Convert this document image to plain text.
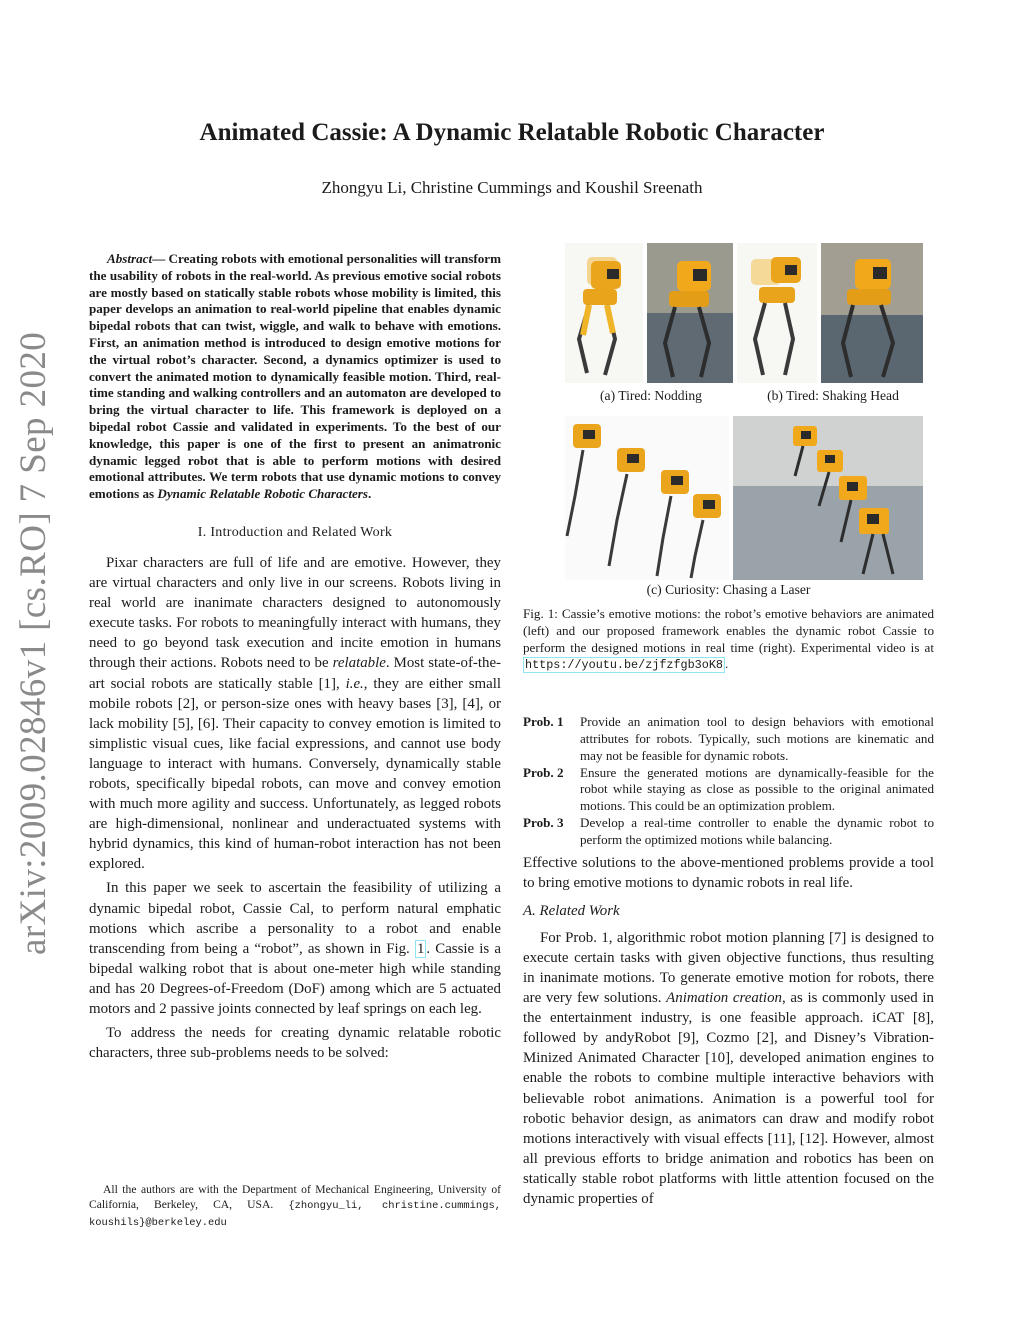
arXiv:2009.02846v1 [cs.RO] 7 Sep 2020
Animated Cassie: A Dynamic Relatable Robotic Character
Zhongyu Li, Christine Cummings and Koushil Sreenath

Abstract— Creating robots with emotional personalities will transform the usability of robots in the real-world. As previous emotive social robots are mostly based on statically stable robots whose mobility is limited, this paper develops an animation to real-world pipeline that enables dynamic bipedal robots that can twist, wiggle, and walk to behave with emotions. First, an animation method is introduced to design emotive motions for the virtual robot’s character. Second, a dynamics optimizer is used to convert the animated motion to dynamically feasible motion. Third, real-time standing and walking controllers and an automaton are developed to bring the virtual character to life. This framework is deployed on a bipedal robot Cassie and validated in experiments. To the best of our knowledge, this paper is one of the first to present an animatronic dynamic legged robot that is able to perform motions with desired emotional attributes. We term robots that use dynamic motions to convey emotions as Dynamic Relatable Robotic Characters.

I. Introduction and Related Work

Pixar characters are full of life and are emotive. However, they are virtual characters and only live in our screens. Robots living in real world are inanimate characters designed to autonomously execute tasks. For robots to meaningfully interact with humans, they need to go beyond task execution and incite emotion in humans through their actions. Robots need to be relatable. Most state-of-the-art social robots are statically stable [1], i.e., they are either small mobile robots [2], or person-size ones with heavy bases [3], [4], or lack mobility [5], [6]. Their capacity to convey emotion is limited to simplistic visual cues, like facial expressions, and cannot use body language to interact with humans. Conversely, dynamically stable robots, specifically bipedal robots, can move and convey emotion with much more agility and success. Unfortunately, as legged robots are high-dimensional, nonlinear and underactuated systems with hybrid dynamics, this kind of human-robot interaction has not been explored.

In this paper we seek to ascertain the feasibility of utilizing a dynamic bipedal robot, Cassie Cal, to perform natural emphatic motions which ascribe a personality to a robot and enable transcending from being a “robot”, as shown in Fig. 1 . Cassie is a bipedal walking robot that is about one-meter high while standing and has 20 Degrees-of-Freedom (DoF) among which are 5 actuated motors and 2 passive joints connected by leaf springs on each leg.

To address the needs for creating dynamic relatable robotic characters, three sub-problems needs to be solved:

All the authors are with the Department of Mechanical Engineering, University of California, Berkeley, CA, USA. {zhongyu_li, christine.cummings, koushils}@berkeley.edu
(a) Tired: Nodding	(b) Tired: Shaking Head
(c) Curiosity: Chasing a Laser

Fig. 1: Cassie’s emotive motions: the robot’s emotive behaviors are animated (left) and our proposed framework enables the dynamic robot Cassie to perform the designed motions in real time (right). Experimental video is at https://youtu.be/zjfzfgb3oK8 .

Prob. 1	Provide an animation tool to design behaviors with emotional attributes for robots. Typically, such motions are kinematic and may not be feasible for dynamic robots.
Prob. 2	Ensure the generated motions are dynamically-feasible for the robot while staying as close as possible to the original animated motions. This could be an optimization problem.
Prob. 3	Develop a real-time controller to enable the dynamic robot to perform the optimized motions while balancing.

Effective solutions to the above-mentioned problems provide a tool to bring emotive motions to dynamic robots in real life.

A. Related Work

For Prob. 1, algorithmic robot motion planning [7] is designed to execute certain tasks with given objective functions, thus resulting in inanimate motions. To generate emotive motion for robots, there are very few solutions. Animation creation, as is commonly used in the entertainment industry, is one feasible approach. iCAT [8], followed by andyRobot [9], Cozmo [2], and Disney’s Vibration-Minized Animated Character [10], developed animation engines to enable the robots to combine multiple interactive behaviors with believable robot animations. Animation is a powerful tool for robotic behavior design, as animators can draw and modify robot motions interactively with visual effects [11], [12]. However, almost all previous efforts to bridge animation and robotics has been on statically stable robot platforms with little attention focused on the dynamic properties of
